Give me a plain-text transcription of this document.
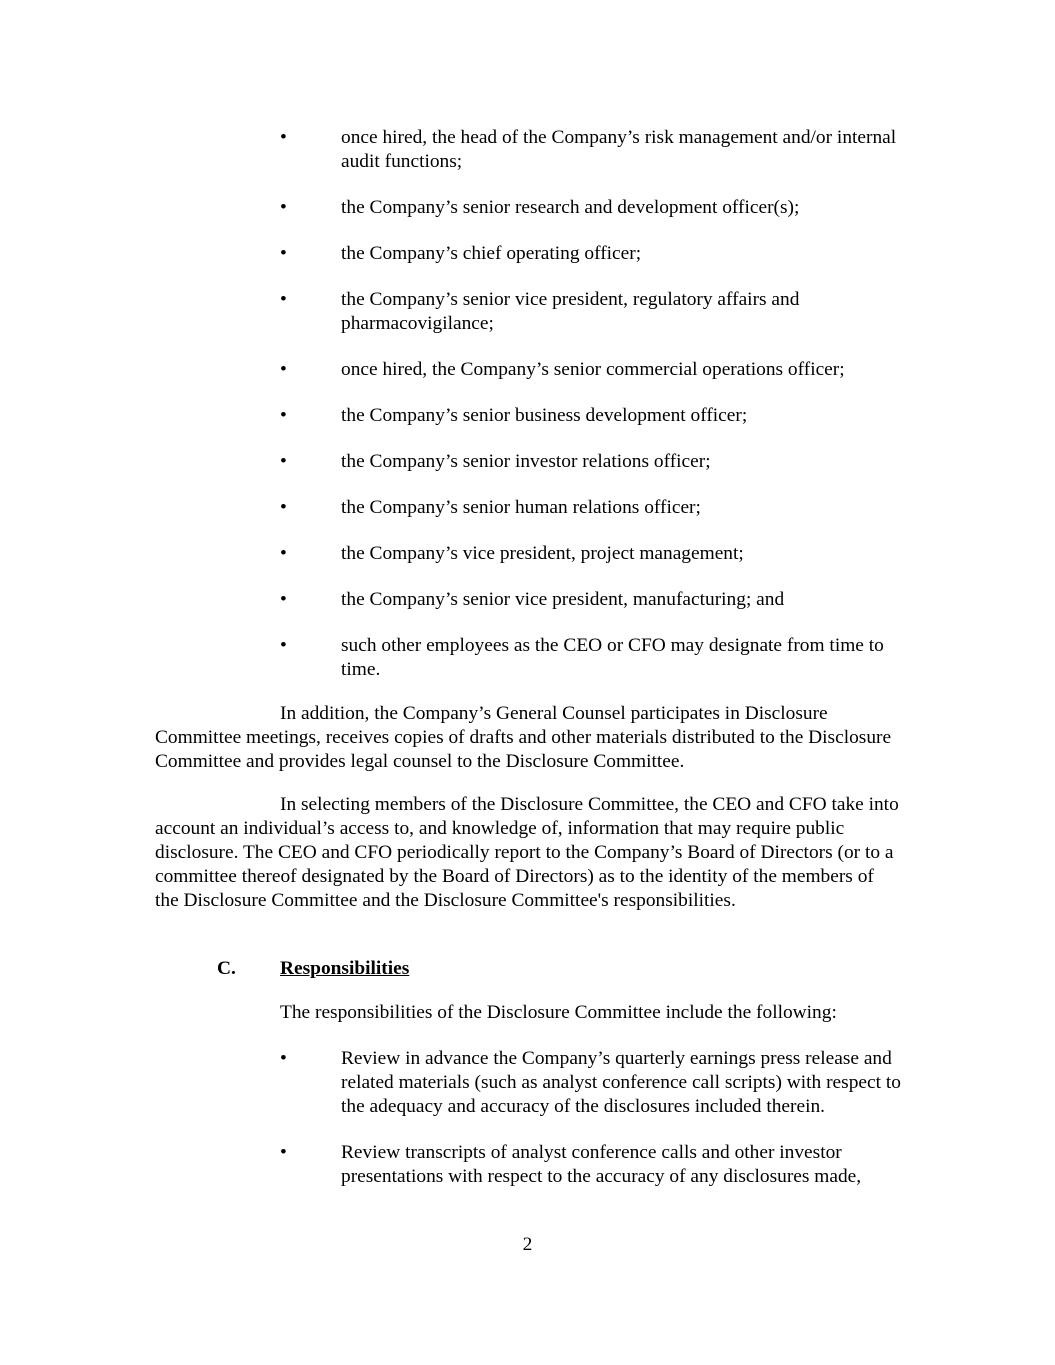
•	once hired, the head of the Company’s risk management and/or internal audit functions;
•	the Company’s senior research and development officer(s);
•	the Company’s chief operating officer;
•	the Company’s senior vice president, regulatory affairs and pharmacovigilance;
•	once hired, the Company’s senior commercial operations officer;
•	the Company’s senior business development officer;
•	the Company’s senior investor relations officer;
•	the Company’s senior human relations officer;
•	the Company’s vice president, project management;
•	the Company’s senior vice president, manufacturing; and
•	such other employees as the CEO or CFO may designate from time to time.

In addition, the Company’s General Counsel participates in Disclosure Committee meetings, receives copies of drafts and other materials distributed to the Disclosure Committee and provides legal counsel to the Disclosure Committee.

In selecting members of the Disclosure Committee, the CEO and CFO take into account an individual’s access to, and knowledge of, information that may require public disclosure. The CEO and CFO periodically report to the Company’s Board of Directors (or to a committee thereof designated by the Board of Directors) as to the identity of the members of the Disclosure Committee and the Disclosure Committee's responsibilities.

C. Responsibilities

The responsibilities of the Disclosure Committee include the following:

•	Review in advance the Company’s quarterly earnings press release and related materials (such as analyst conference call scripts) with respect to the adequacy and accuracy of the disclosures included therein.
•	Review transcripts of analyst conference calls and other investor presentations with respect to the accuracy of any disclosures made,
2
